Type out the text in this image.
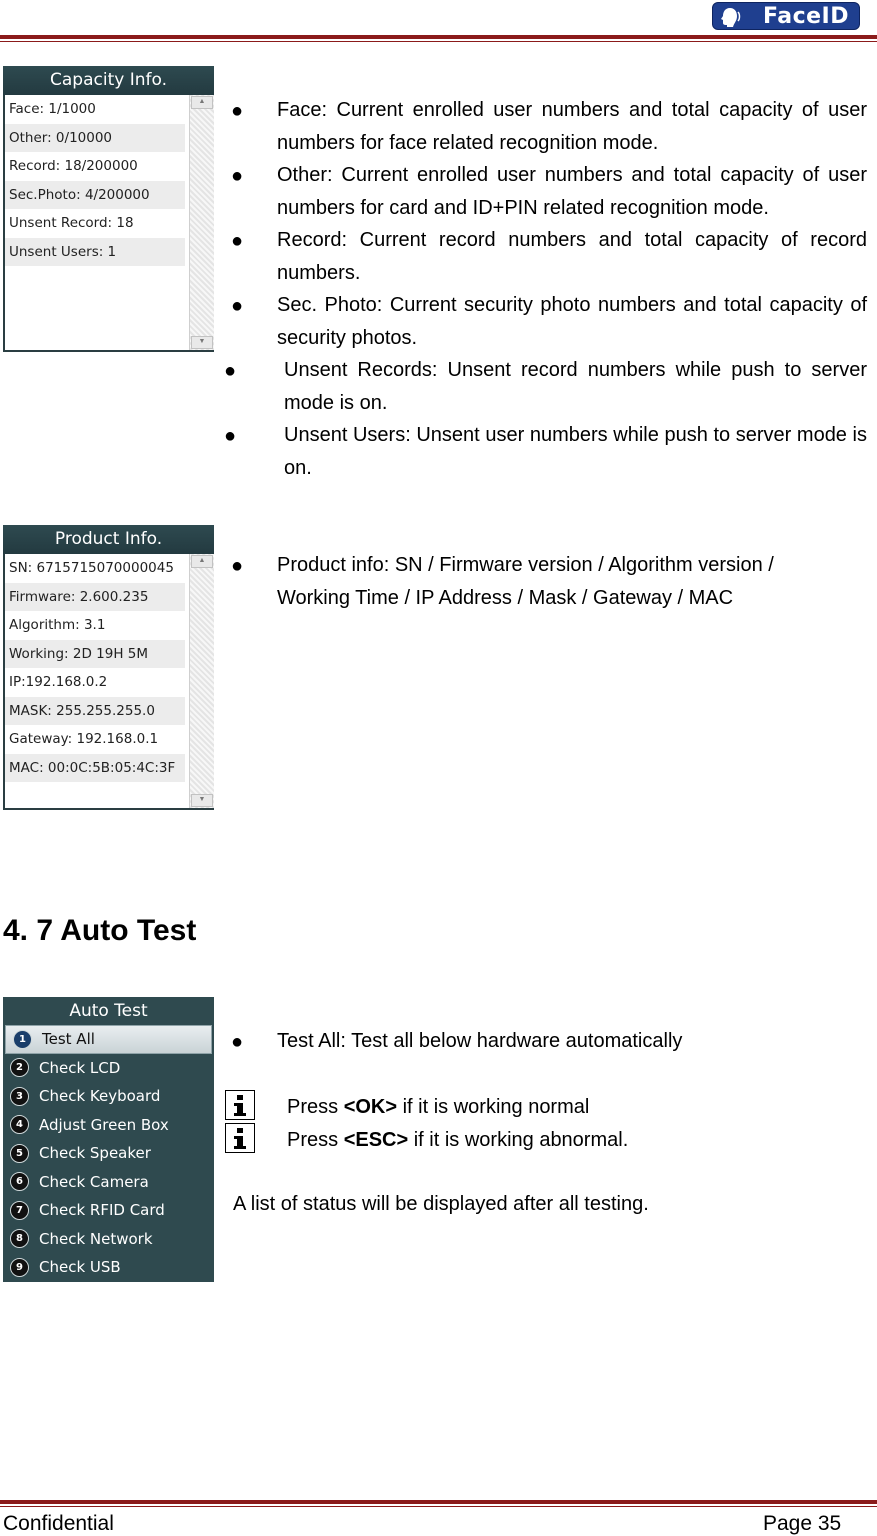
FaceID
Capacity Info.
Face: 1/1000
Other: 0/10000
Record: 18/200000
Sec.Photo: 4/200000
Unsent Record: 18
Unsent Users: 1
▲
▼
● Face: Current enrolled user numbers and total capacity of user numbers for face related recognition mode.
● Other: Current enrolled user numbers and total capacity of user numbers for card and ID+PIN related recognition mode.
● Record: Current record numbers and total capacity of record numbers.
● Sec. Photo: Current security photo numbers and total capacity of security photos.
● Unsent Records: Unsent record numbers while push to server mode is on.
● Unsent Users: Unsent user numbers while push to server mode is on.
Product Info.
SN: 6715715070000045
Firmware: 2.600.235
Algorithm: 3.1
Working: 2D 19H 5M
IP:192.168.0.2
MASK: 255.255.255.0
Gateway: 192.168.0.1
MAC: 00:0C:5B:05:4C:3F
▲
▼
● Product info: SN / Firmware version / Algorithm version / Working Time / IP Address / Mask / Gateway / MAC
4. 7 Auto Test
Auto Test
1	Test All
2	Check LCD
3	Check Keyboard
4	Adjust Green Box
5	Check Speaker
6	Check Camera
7	Check RFID Card
8	Check Network
9	Check USB
● Test All: Test all below hardware automatically
Press <OK> if it is working normal
Press <ESC> if it is working abnormal.
A list of status will be displayed after all testing.
Confidential	Page 35
